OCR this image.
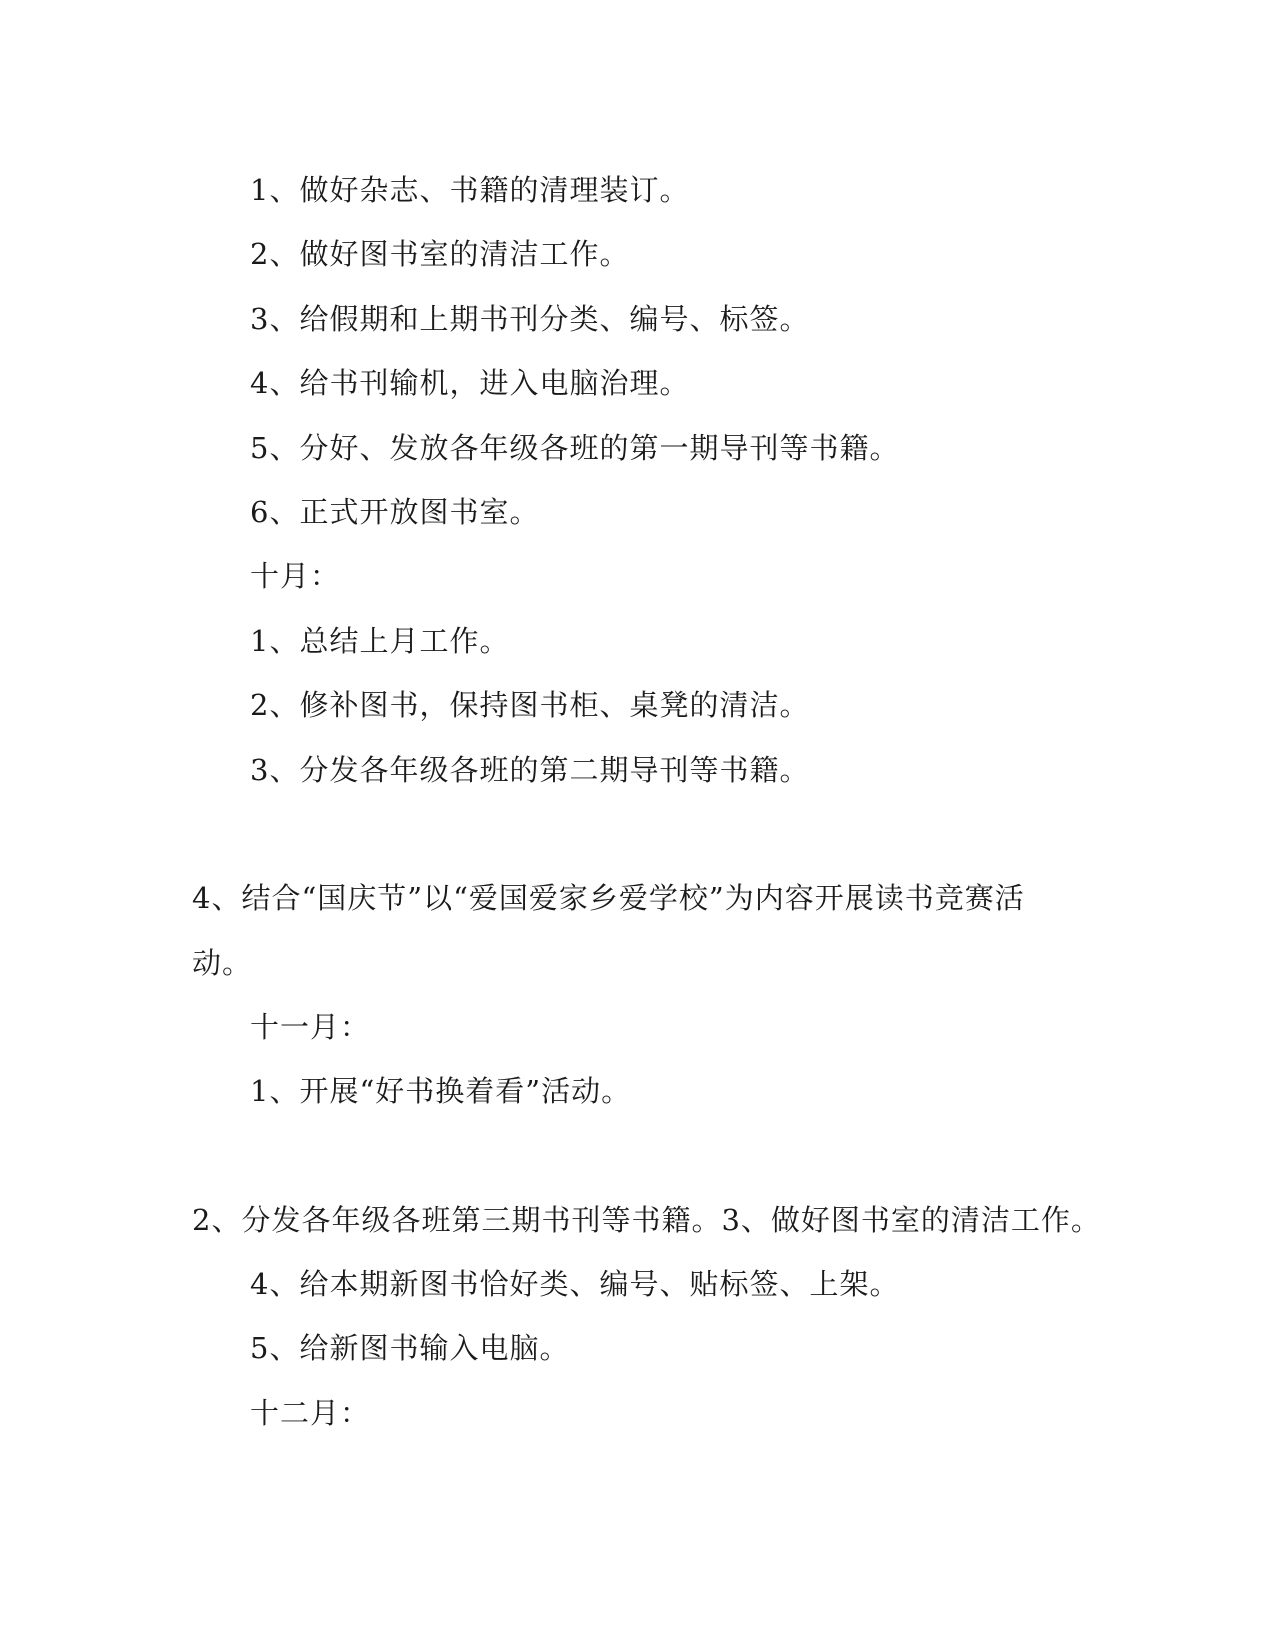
1、做好杂志、书籍的清理装订。
2、做好图书室的清洁工作。
3、给假期和上期书刊分类、编号、标签。
4、给书刊输机，进入电脑治理。
5、分好、发放各年级各班的第一期导刊等书籍。
6、正式开放图书室。
十月：
1、总结上月工作。
2、修补图书，保持图书柜、桌凳的清洁。
3、分发各年级各班的第二期导刊等书籍。
4、结合“国庆节”以“爱国爱家乡爱学校”为内容开展读书竞赛活
动。
十一月：
1、开展“好书换着看”活动。
2、分发各年级各班第三期书刊等书籍。3、做好图书室的清洁工作。
4、给本期新图书恰好类、编号、贴标签、上架。
5、给新图书输入电脑。
十二月：
